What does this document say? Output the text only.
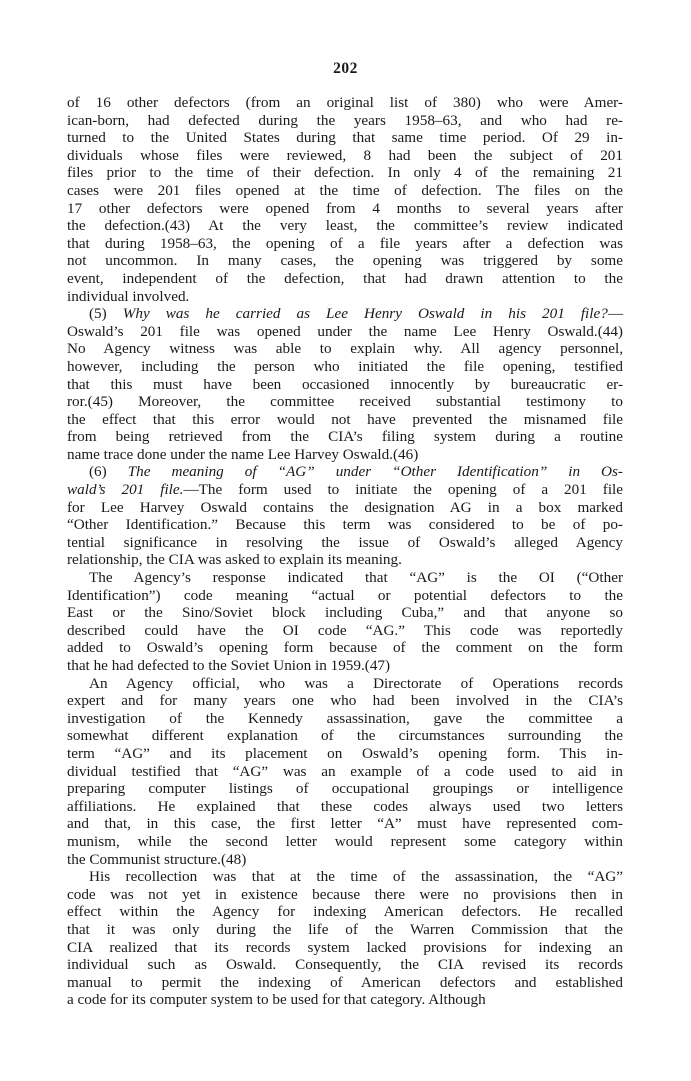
202
of 16 other defectors (from an original list of 380) who were Amer-
ican-born, had defected during the years 1958–63, and who had re-
turned to the United States during that same time period. Of 29 in-
dividuals whose files were reviewed, 8 had been the subject of 201
files prior to the time of their defection. In only 4 of the remaining 21
cases were 201 files opened at the time of defection. The files on the
17 other defectors were opened from 4 months to several years after
the defection.(43) At the very least, the committee’s review indicated
that during 1958–63, the opening of a file years after a defection was
not uncommon. In many cases, the opening was triggered by some
event, independent of the defection, that had drawn attention to the
individual involved.
(5) Why was he carried as Lee Henry Oswald in his 201 file?—
Oswald’s 201 file was opened under the name Lee Henry Oswald.(44)
No Agency witness was able to explain why. All agency personnel,
however, including the person who initiated the file opening, testified
that this must have been occasioned innocently by bureaucratic er-
ror.(45) Moreover, the committee received substantial testimony to
the effect that this error would not have prevented the misnamed file
from being retrieved from the CIA’s filing system during a routine
name trace done under the name Lee Harvey Oswald.(46)
(6) The meaning of “AG” under “Other Identification” in Os-
wald’s 201 file.—The form used to initiate the opening of a 201 file
for Lee Harvey Oswald contains the designation AG in a box marked
“Other Identification.” Because this term was considered to be of po-
tential significance in resolving the issue of Oswald’s alleged Agency
relationship, the CIA was asked to explain its meaning.
The Agency’s response indicated that “AG” is the OI (“Other
Identification”) code meaning “actual or potential defectors to the
East or the Sino/Soviet block including Cuba,” and that anyone so
described could have the OI code “AG.” This code was reportedly
added to Oswald’s opening form because of the comment on the form
that he had defected to the Soviet Union in 1959.(47)
An Agency official, who was a Directorate of Operations records
expert and for many years one who had been involved in the CIA’s
investigation of the Kennedy assassination, gave the committee a
somewhat different explanation of the circumstances surrounding the
term “AG” and its placement on Oswald’s opening form. This in-
dividual testified that “AG” was an example of a code used to aid in
preparing computer listings of occupational groupings or intelligence
affiliations. He explained that these codes always used two letters
and that, in this case, the first letter “A” must have represented com-
munism, while the second letter would represent some category within
the Communist structure.(48)
His recollection was that at the time of the assassination, the “AG”
code was not yet in existence because there were no provisions then in
effect within the Agency for indexing American defectors. He recalled
that it was only during the life of the Warren Commission that the
CIA realized that its records system lacked provisions for indexing an
individual such as Oswald. Consequently, the CIA revised its records
manual to permit the indexing of American defectors and established
a code for its computer system to be used for that category. Although
